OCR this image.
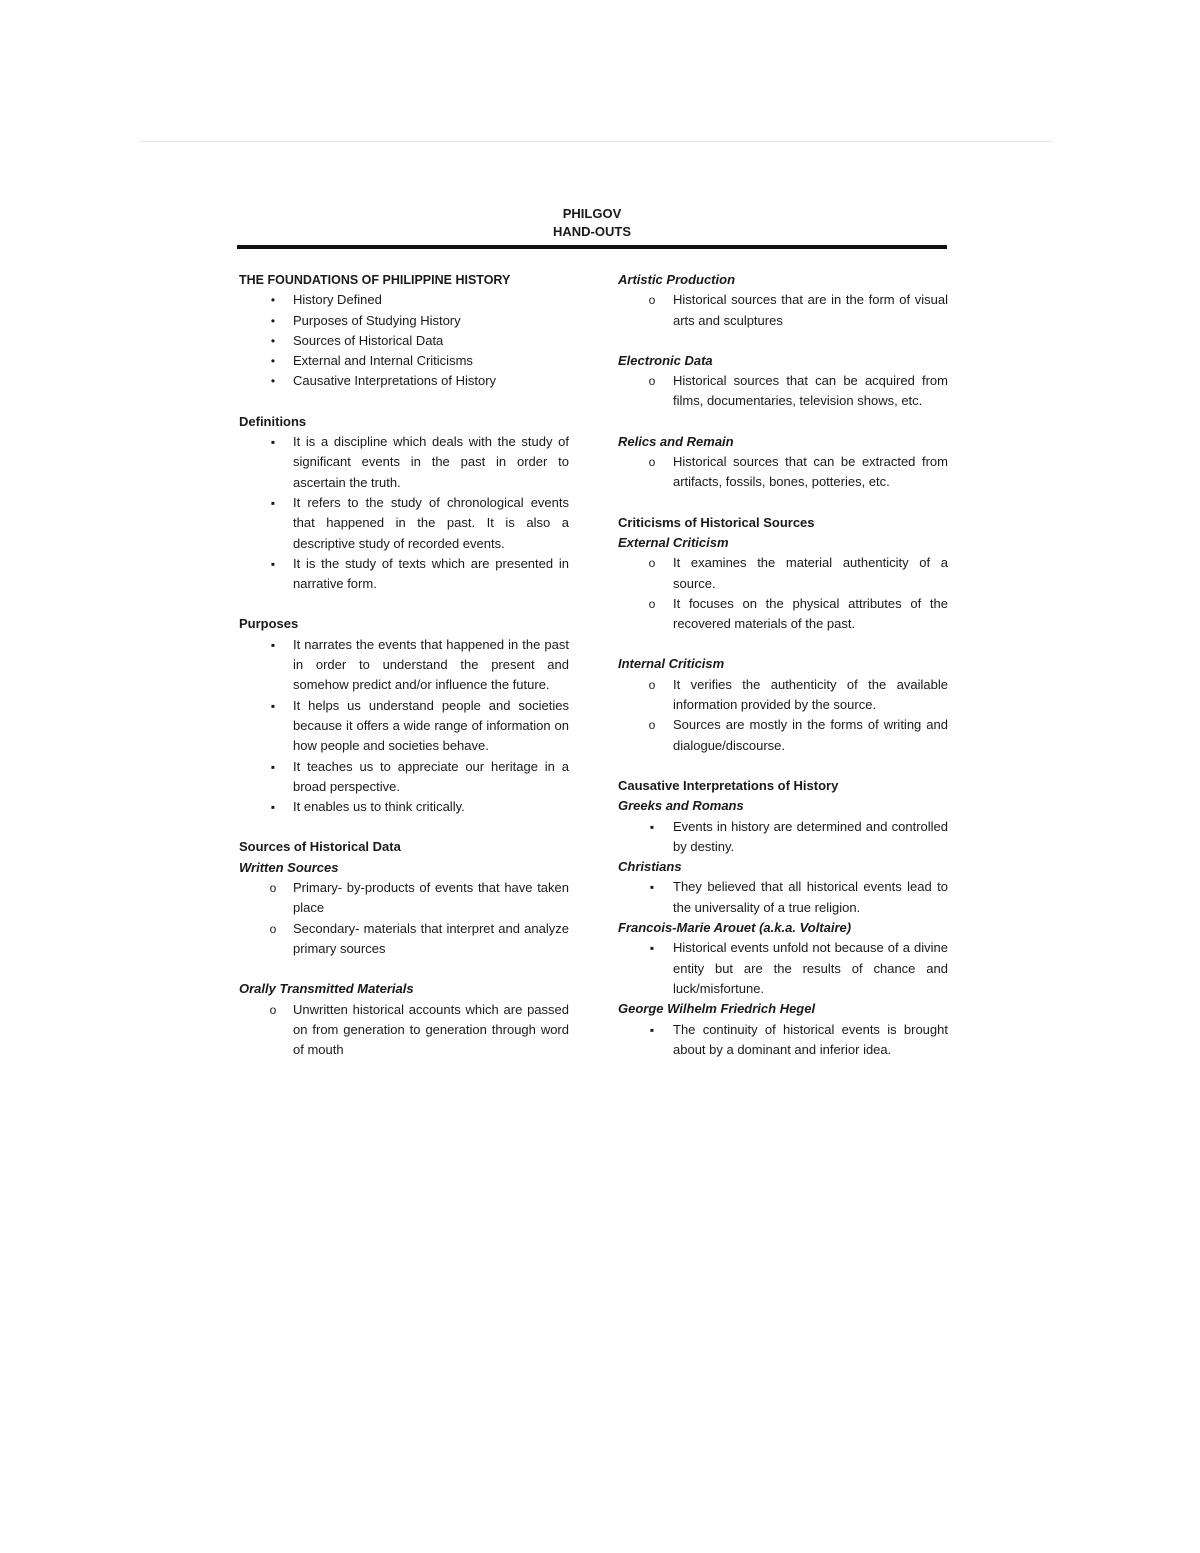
PHILGOV
HAND-OUTS

THE FOUNDATIONS OF PHILIPPINE HISTORY

•	History Defined
•	Purposes of Studying History
•	Sources of Historical Data
•	External and Internal Criticisms
•	Causative Interpretations of History

Definitions

▪ It is a discipline which deals with the study of significant events in the past in order to ascertain the truth.
▪ It refers to the study of chronological events that happened in the past. It is also a descriptive study of recorded events.
▪ It is the study of texts which are presented in narrative form.

Purposes

▪ It narrates the events that happened in the past in order to understand the present and somehow predict and/or influence the future.
▪ It helps us understand people and societies because it offers a wide range of information on how people and societies behave.
▪ It teaches us to appreciate our heritage in a broad perspective.
▪ It enables us to think critically.

Sources of Historical Data

Written Sources

o Primary- by-products of events that have taken place
o Secondary- materials that interpret and analyze primary sources

Orally Transmitted Materials

o Unwritten historical accounts which are passed on from generation to generation through word of mouth

Artistic Production

o Historical sources that are in the form of visual arts and sculptures

Electronic Data

o Historical sources that can be acquired from films, documentaries, television shows, etc.

Relics and Remain

o Historical sources that can be extracted from artifacts, fossils, bones, potteries, etc.

Criticisms of Historical Sources

External Criticism

o It examines the material authenticity of a source.
o It focuses on the physical attributes of the recovered materials of the past.

Internal Criticism

o It verifies the authenticity of the available information provided by the source.
o Sources are mostly in the forms of writing and dialogue/discourse.

Causative Interpretations of History

Greeks and Romans

▪ Events in history are determined and controlled by destiny.

Christians

▪ They believed that all historical events lead to the universality of a true religion.

Francois-Marie Arouet (a.k.a. Voltaire)

▪ Historical events unfold not because of a divine entity but are the results of chance and luck/misfortune.

George Wilhelm Friedrich Hegel

▪ The continuity of historical events is brought about by a dominant and inferior idea.
